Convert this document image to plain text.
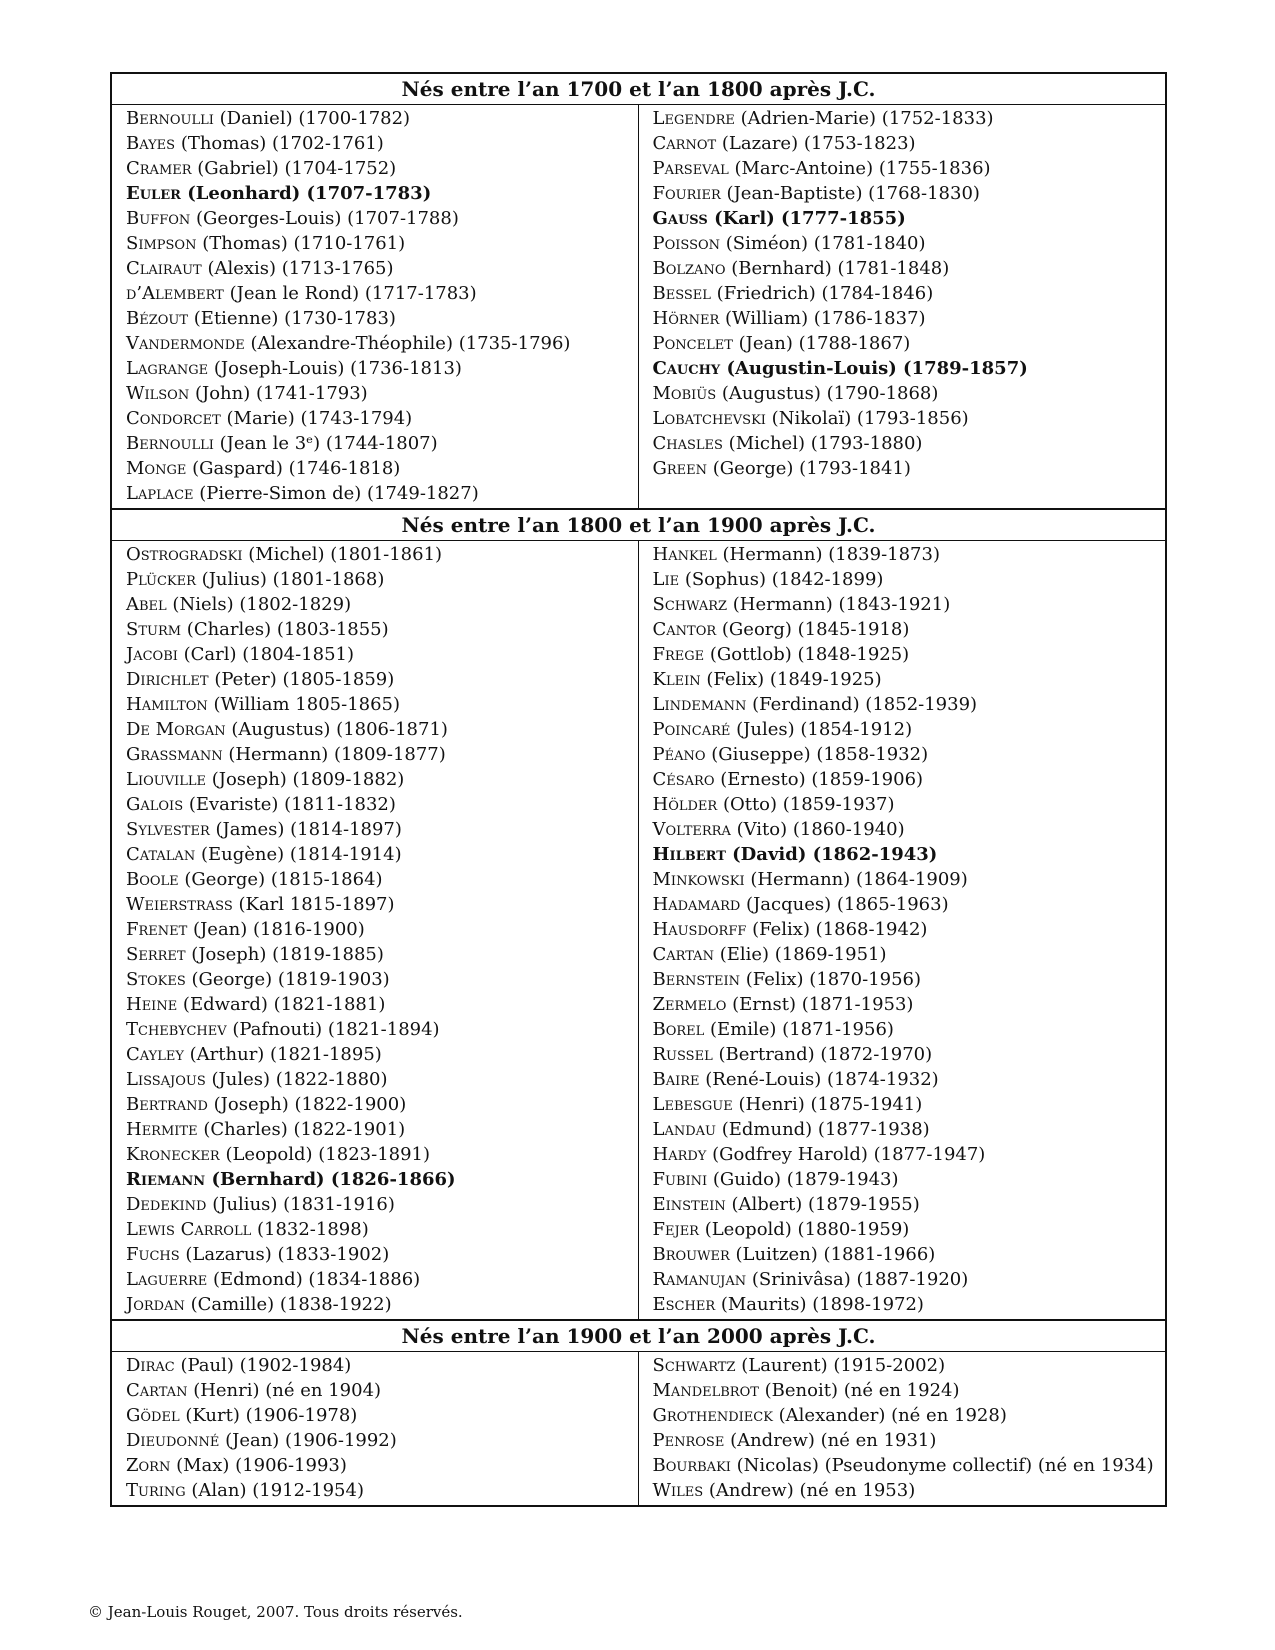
Nés entre l’an 1700 et l’an 1800 après J.C.
Bernoulli (Daniel) (1700-1782)
Bayes (Thomas) (1702-1761)
Cramer (Gabriel) (1704-1752)
Euler (Leonhard) (1707-1783)
Buffon (Georges-Louis) (1707-1788)
Simpson (Thomas) (1710-1761)
Clairaut (Alexis) (1713-1765)
d’Alembert (Jean le Rond) (1717-1783)
Bézout (Etienne) (1730-1783)
Vandermonde (Alexandre-Théophile) (1735-1796)
Lagrange (Joseph-Louis) (1736-1813)
Wilson (John) (1741-1793)
Condorcet (Marie) (1743-1794)
Bernoulli (Jean le 3ᵉ) (1744-1807)
Monge (Gaspard) (1746-1818)
Laplace (Pierre-Simon de) (1749-1827)
Legendre (Adrien-Marie) (1752-1833)
Carnot (Lazare) (1753-1823)
Parseval (Marc-Antoine) (1755-1836)
Fourier (Jean-Baptiste) (1768-1830)
Gauss (Karl) (1777-1855)
Poisson (Siméon) (1781-1840)
Bolzano (Bernhard) (1781-1848)
Bessel (Friedrich) (1784-1846)
Hörner (William) (1786-1837)
Poncelet (Jean) (1788-1867)
Cauchy (Augustin-Louis) (1789-1857)
Mobiüs (Augustus) (1790-1868)
Lobatchevski (Nikolaï) (1793-1856)
Chasles (Michel) (1793-1880)
Green (George) (1793-1841)
Nés entre l’an 1800 et l’an 1900 après J.C.
Ostrogradski (Michel) (1801-1861)
Plücker (Julius) (1801-1868)
Abel (Niels) (1802-1829)
Sturm (Charles) (1803-1855)
Jacobi (Carl) (1804-1851)
Dirichlet (Peter) (1805-1859)
Hamilton (William 1805-1865)
De Morgan (Augustus) (1806-1871)
Grassmann (Hermann) (1809-1877)
Liouville (Joseph) (1809-1882)
Galois (Evariste) (1811-1832)
Sylvester (James) (1814-1897)
Catalan (Eugène) (1814-1914)
Boole (George) (1815-1864)
Weierstrass (Karl 1815-1897)
Frenet (Jean) (1816-1900)
Serret (Joseph) (1819-1885)
Stokes (George) (1819-1903)
Heine (Edward) (1821-1881)
Tchebychev (Pafnouti) (1821-1894)
Cayley (Arthur) (1821-1895)
Lissajous (Jules) (1822-1880)
Bertrand (Joseph) (1822-1900)
Hermite (Charles) (1822-1901)
Kronecker (Leopold) (1823-1891)
Riemann (Bernhard) (1826-1866)
Dedekind (Julius) (1831-1916)
Lewis Carroll (1832-1898)
Fuchs (Lazarus) (1833-1902)
Laguerre (Edmond) (1834-1886)
Jordan (Camille) (1838-1922)
Hankel (Hermann) (1839-1873)
Lie (Sophus) (1842-1899)
Schwarz (Hermann) (1843-1921)
Cantor (Georg) (1845-1918)
Frege (Gottlob) (1848-1925)
Klein (Felix) (1849-1925)
Lindemann (Ferdinand) (1852-1939)
Poincaré (Jules) (1854-1912)
Péano (Giuseppe) (1858-1932)
Césaro (Ernesto) (1859-1906)
Hölder (Otto) (1859-1937)
Volterra (Vito) (1860-1940)
Hilbert (David) (1862-1943)
Minkowski (Hermann) (1864-1909)
Hadamard (Jacques) (1865-1963)
Hausdorff (Felix) (1868-1942)
Cartan (Elie) (1869-1951)
Bernstein (Felix) (1870-1956)
Zermelo (Ernst) (1871-1953)
Borel (Emile) (1871-1956)
Russel (Bertrand) (1872-1970)
Baire (René-Louis) (1874-1932)
Lebesgue (Henri) (1875-1941)
Landau (Edmund) (1877-1938)
Hardy (Godfrey Harold) (1877-1947)
Fubini (Guido) (1879-1943)
Einstein (Albert) (1879-1955)
Fejer (Leopold) (1880-1959)
Brouwer (Luitzen) (1881-1966)
Ramanujan (Srinivâsa) (1887-1920)
Escher (Maurits) (1898-1972)
Nés entre l’an 1900 et l’an 2000 après J.C.
Dirac (Paul) (1902-1984)
Cartan (Henri) (né en 1904)
Gödel (Kurt) (1906-1978)
Dieudonné (Jean) (1906-1992)
Zorn (Max) (1906-1993)
Turing (Alan) (1912-1954)
Schwartz (Laurent) (1915-2002)
Mandelbrot (Benoit) (né en 1924)
Grothendieck (Alexander) (né en 1928)
Penrose (Andrew) (né en 1931)
Bourbaki (Nicolas) (Pseudonyme collectif) (né en 1934)
Wiles (Andrew) (né en 1953)
© Jean-Louis Rouget, 2007. Tous droits réservés.
